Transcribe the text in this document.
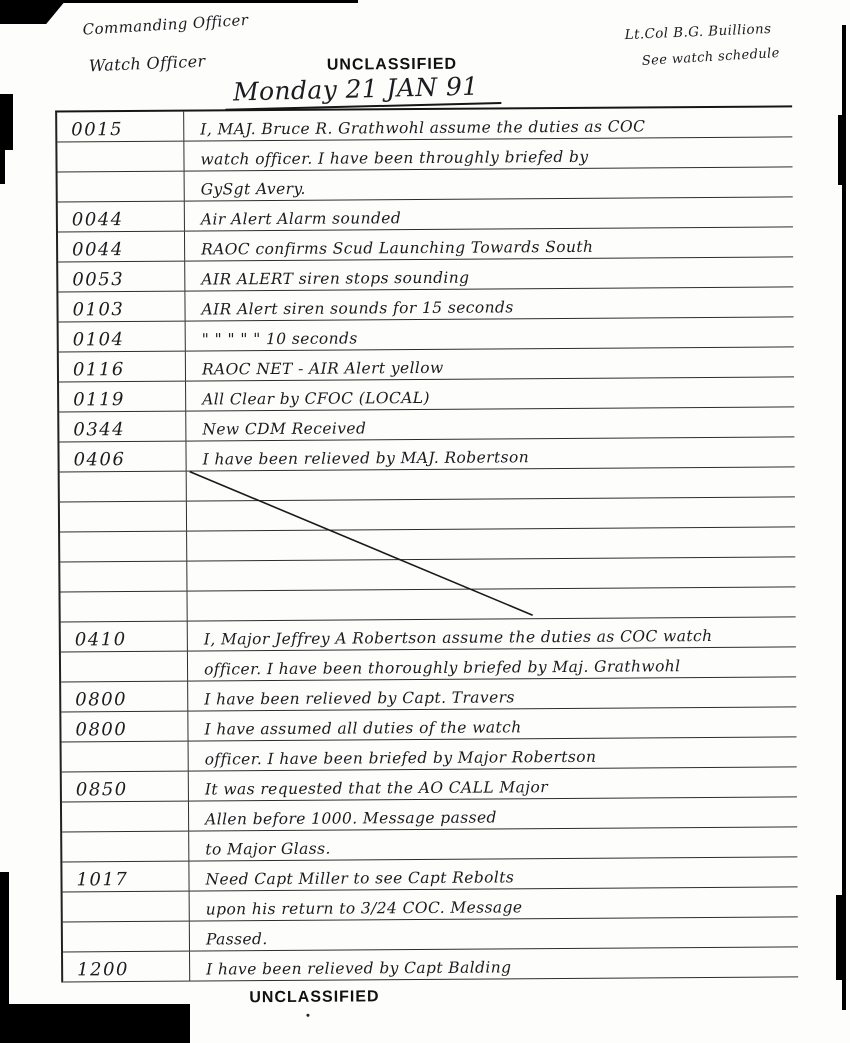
Commanding Officer
Watch Officer	UNCLASSIFIED
Lt.Col B.G. Buillions
See watch schedule
Monday 21 JAN 91
0015	I, MAJ. Bruce R. Grathwohl assume the duties as COC
watch officer. I have been throughly briefed by
GySgt Avery.
0044	Air Alert Alarm sounded
0044	RAOC confirms Scud Launching Towards South
0053	AIR ALERT siren stops sounding
0103	AIR Alert siren sounds for 15 seconds
0104	" " " " " 10 seconds
0116	RAOC NET - AIR Alert yellow
0119	All Clear by CFOC (LOCAL)
0344	New CDM Received
0406	I have been relieved by MAJ. Robertson
0410	I, Major Jeffrey A Robertson assume the duties as COC watch
officer. I have been thoroughly briefed by Maj. Grathwohl
0800	I have been relieved by Capt. Travers
0800	I have assumed all duties of the watch
officer. I have been briefed by Major Robertson
0850	It was requested that the AO CALL Major
Allen before 1000. Message passed
to Major Glass.
1017	Need Capt Miller to see Capt Rebolts
upon his return to 3/24 COC. Message
Passed.
1200	I have been relieved by Capt Balding
UNCLASSIFIED
